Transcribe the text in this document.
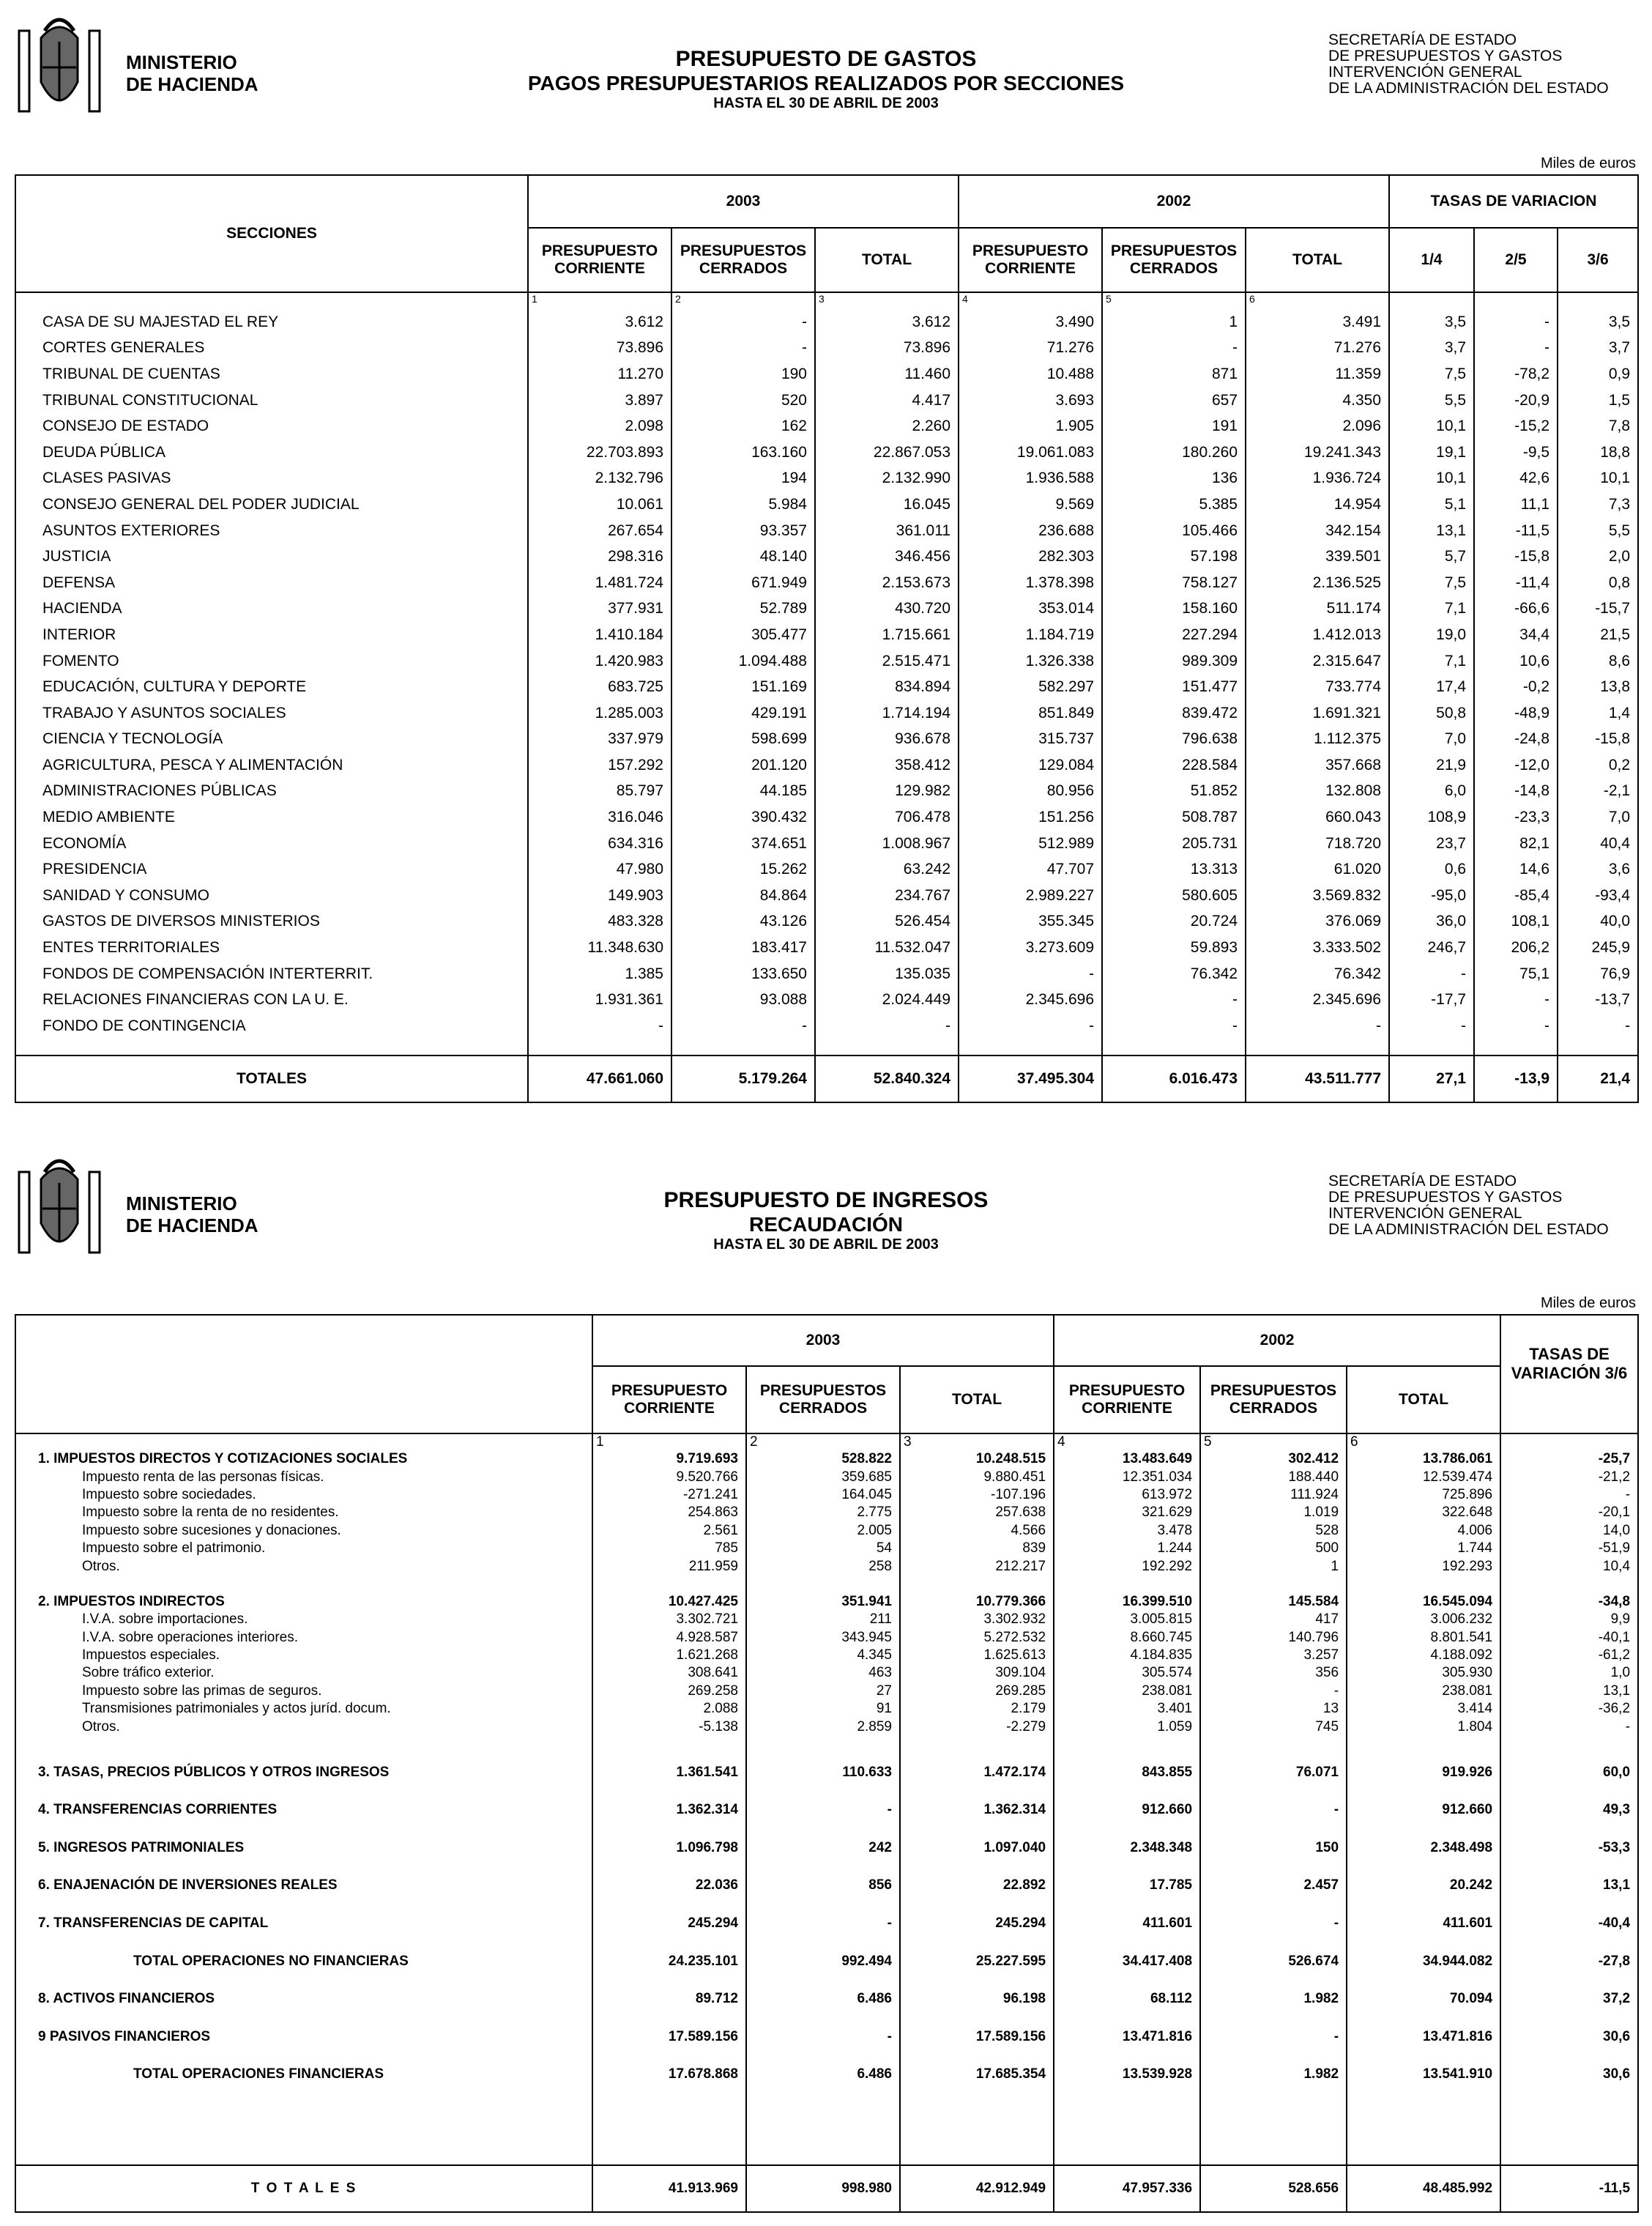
MINISTERIO
DE HACIENDA
PRESUPUESTO DE GASTOS
PAGOS PRESUPUESTARIOS REALIZADOS POR SECCIONES
HASTA EL 30 DE ABRIL DE 2003
SECRETARÍA DE ESTADO
DE PRESUPUESTOS Y GASTOS
INTERVENCIÓN GENERAL
DE LA ADMINISTRACIÓN DEL ESTADO
Miles de euros
SECCIONES	2003			2002			TASAS DE VARIACION		
	PRESUPUESTO CORRIENTE	PRESUPUESTOS CERRADOS	TOTAL	PRESUPUESTO CORRIENTE	PRESUPUESTOS CERRADOS	TOTAL	1/4	2/5	3/6
	1	2	3	4	5	6			
CASA DE SU MAJESTAD EL REY	3.612	-	3.612	3.490	1	3.491	3,5	-	3,5
CORTES GENERALES	73.896	-	73.896	71.276	-	71.276	3,7	-	3,7
TRIBUNAL DE CUENTAS	11.270	190	11.460	10.488	871	11.359	7,5	-78,2	0,9
TRIBUNAL CONSTITUCIONAL	3.897	520	4.417	3.693	657	4.350	5,5	-20,9	1,5
CONSEJO DE ESTADO	2.098	162	2.260	1.905	191	2.096	10,1	-15,2	7,8
DEUDA PÚBLICA	22.703.893	163.160	22.867.053	19.061.083	180.260	19.241.343	19,1	-9,5	18,8
CLASES PASIVAS	2.132.796	194	2.132.990	1.936.588	136	1.936.724	10,1	42,6	10,1
CONSEJO GENERAL DEL PODER JUDICIAL	10.061	5.984	16.045	9.569	5.385	14.954	5,1	11,1	7,3
ASUNTOS EXTERIORES	267.654	93.357	361.011	236.688	105.466	342.154	13,1	-11,5	5,5
JUSTICIA	298.316	48.140	346.456	282.303	57.198	339.501	5,7	-15,8	2,0
DEFENSA	1.481.724	671.949	2.153.673	1.378.398	758.127	2.136.525	7,5	-11,4	0,8
HACIENDA	377.931	52.789	430.720	353.014	158.160	511.174	7,1	-66,6	-15,7
INTERIOR	1.410.184	305.477	1.715.661	1.184.719	227.294	1.412.013	19,0	34,4	21,5
FOMENTO	1.420.983	1.094.488	2.515.471	1.326.338	989.309	2.315.647	7,1	10,6	8,6
EDUCACIÓN, CULTURA Y DEPORTE	683.725	151.169	834.894	582.297	151.477	733.774	17,4	-0,2	13,8
TRABAJO Y ASUNTOS SOCIALES	1.285.003	429.191	1.714.194	851.849	839.472	1.691.321	50,8	-48,9	1,4
CIENCIA Y TECNOLOGÍA	337.979	598.699	936.678	315.737	796.638	1.112.375	7,0	-24,8	-15,8
AGRICULTURA, PESCA Y ALIMENTACIÓN	157.292	201.120	358.412	129.084	228.584	357.668	21,9	-12,0	0,2
ADMINISTRACIONES PÚBLICAS	85.797	44.185	129.982	80.956	51.852	132.808	6,0	-14,8	-2,1
MEDIO AMBIENTE	316.046	390.432	706.478	151.256	508.787	660.043	108,9	-23,3	7,0
ECONOMÍA	634.316	374.651	1.008.967	512.989	205.731	718.720	23,7	82,1	40,4
PRESIDENCIA	47.980	15.262	63.242	47.707	13.313	61.020	0,6	14,6	3,6
SANIDAD Y CONSUMO	149.903	84.864	234.767	2.989.227	580.605	3.569.832	-95,0	-85,4	-93,4
GASTOS DE DIVERSOS MINISTERIOS	483.328	43.126	526.454	355.345	20.724	376.069	36,0	108,1	40,0
ENTES TERRITORIALES	11.348.630	183.417	11.532.047	3.273.609	59.893	3.333.502	246,7	206,2	245,9
FONDOS DE COMPENSACIÓN INTERTERRIT.	1.385	133.650	135.035	-	76.342	76.342	-	75,1	76,9
RELACIONES FINANCIERAS CON LA U. E.	1.931.361	93.088	2.024.449	2.345.696	-	2.345.696	-17,7	-	-13,7
FONDO DE CONTINGENCIA	-	-	-	-	-	-	-	-	-

TOTALES	47.661.060	5.179.264	52.840.324	37.495.304	6.016.473	43.511.777	27,1	-13,9	21,4
MINISTERIO
DE HACIENDA
PRESUPUESTO DE INGRESOS
RECAUDACIÓN
HASTA EL 30 DE ABRIL DE 2003
SECRETARÍA DE ESTADO
DE PRESUPUESTOS Y GASTOS
INTERVENCIÓN GENERAL
DE LA ADMINISTRACIÓN DEL ESTADO
Miles de euros
	2003			2002			TASAS DE VARIACIÓN 3/6
	PRESUPUESTO CORRIENTE	PRESUPUESTOS CERRADOS	TOTAL	PRESUPUESTO CORRIENTE	PRESUPUESTOS CERRADOS	TOTAL	
	1	2	3	4	5	6	
1. IMPUESTOS DIRECTOS Y COTIZACIONES SOCIALES	9.719.693	528.822	10.248.515	13.483.649	302.412	13.786.061	-25,7
Impuesto renta de las personas físicas.	9.520.766	359.685	9.880.451	12.351.034	188.440	12.539.474	-21,2
Impuesto sobre sociedades.	-271.241	164.045	-107.196	613.972	111.924	725.896	-
Impuesto sobre la renta de no residentes.	254.863	2.775	257.638	321.629	1.019	322.648	-20,1
Impuesto sobre sucesiones y donaciones.	2.561	2.005	4.566	3.478	528	4.006	14,0
Impuesto sobre el patrimonio.	785	54	839	1.244	500	1.744	-51,9
Otros.	211.959	258	212.217	192.292	1	192.293	10,4

2. IMPUESTOS INDIRECTOS	10.427.425	351.941	10.779.366	16.399.510	145.584	16.545.094	-34,8
I.V.A. sobre importaciones.	3.302.721	211	3.302.932	3.005.815	417	3.006.232	9,9
I.V.A. sobre operaciones interiores.	4.928.587	343.945	5.272.532	8.660.745	140.796	8.801.541	-40,1
Impuestos especiales.	1.621.268	4.345	1.625.613	4.184.835	3.257	4.188.092	-61,2
Sobre tráfico exterior.	308.641	463	309.104	305.574	356	305.930	1,0
Impuesto sobre las primas de seguros.	269.258	27	269.285	238.081	-	238.081	13,1
Transmisiones patrimoniales y actos juríd. docum.	2.088	91	2.179	3.401	13	3.414	-36,2
Otros.	-5.138	2.859	-2.279	1.059	745	1.804	-

3. TASAS, PRECIOS PÚBLICOS Y OTROS INGRESOS	1.361.541	110.633	1.472.174	843.855	76.071	919.926	60,0
4. TRANSFERENCIAS CORRIENTES	1.362.314	-	1.362.314	912.660	-	912.660	49,3
5. INGRESOS PATRIMONIALES	1.096.798	242	1.097.040	2.348.348	150	2.348.498	-53,3
6. ENAJENACIÓN DE INVERSIONES REALES	22.036	856	22.892	17.785	2.457	20.242	13,1
7. TRANSFERENCIAS DE CAPITAL	245.294	-	245.294	411.601	-	411.601	-40,4
TOTAL OPERACIONES NO FINANCIERAS	24.235.101	992.494	25.227.595	34.417.408	526.674	34.944.082	-27,8
8. ACTIVOS FINANCIEROS	89.712	6.486	96.198	68.112	1.982	70.094	37,2
9 PASIVOS FINANCIEROS	17.589.156	-	17.589.156	13.471.816	-	13.471.816	30,6
TOTAL OPERACIONES FINANCIERAS	17.678.868	6.486	17.685.354	13.539.928	1.982	13.541.910	30,6

T O T A L E S	41.913.969	998.980	42.912.949	47.957.336	528.656	48.485.992	-11,5
